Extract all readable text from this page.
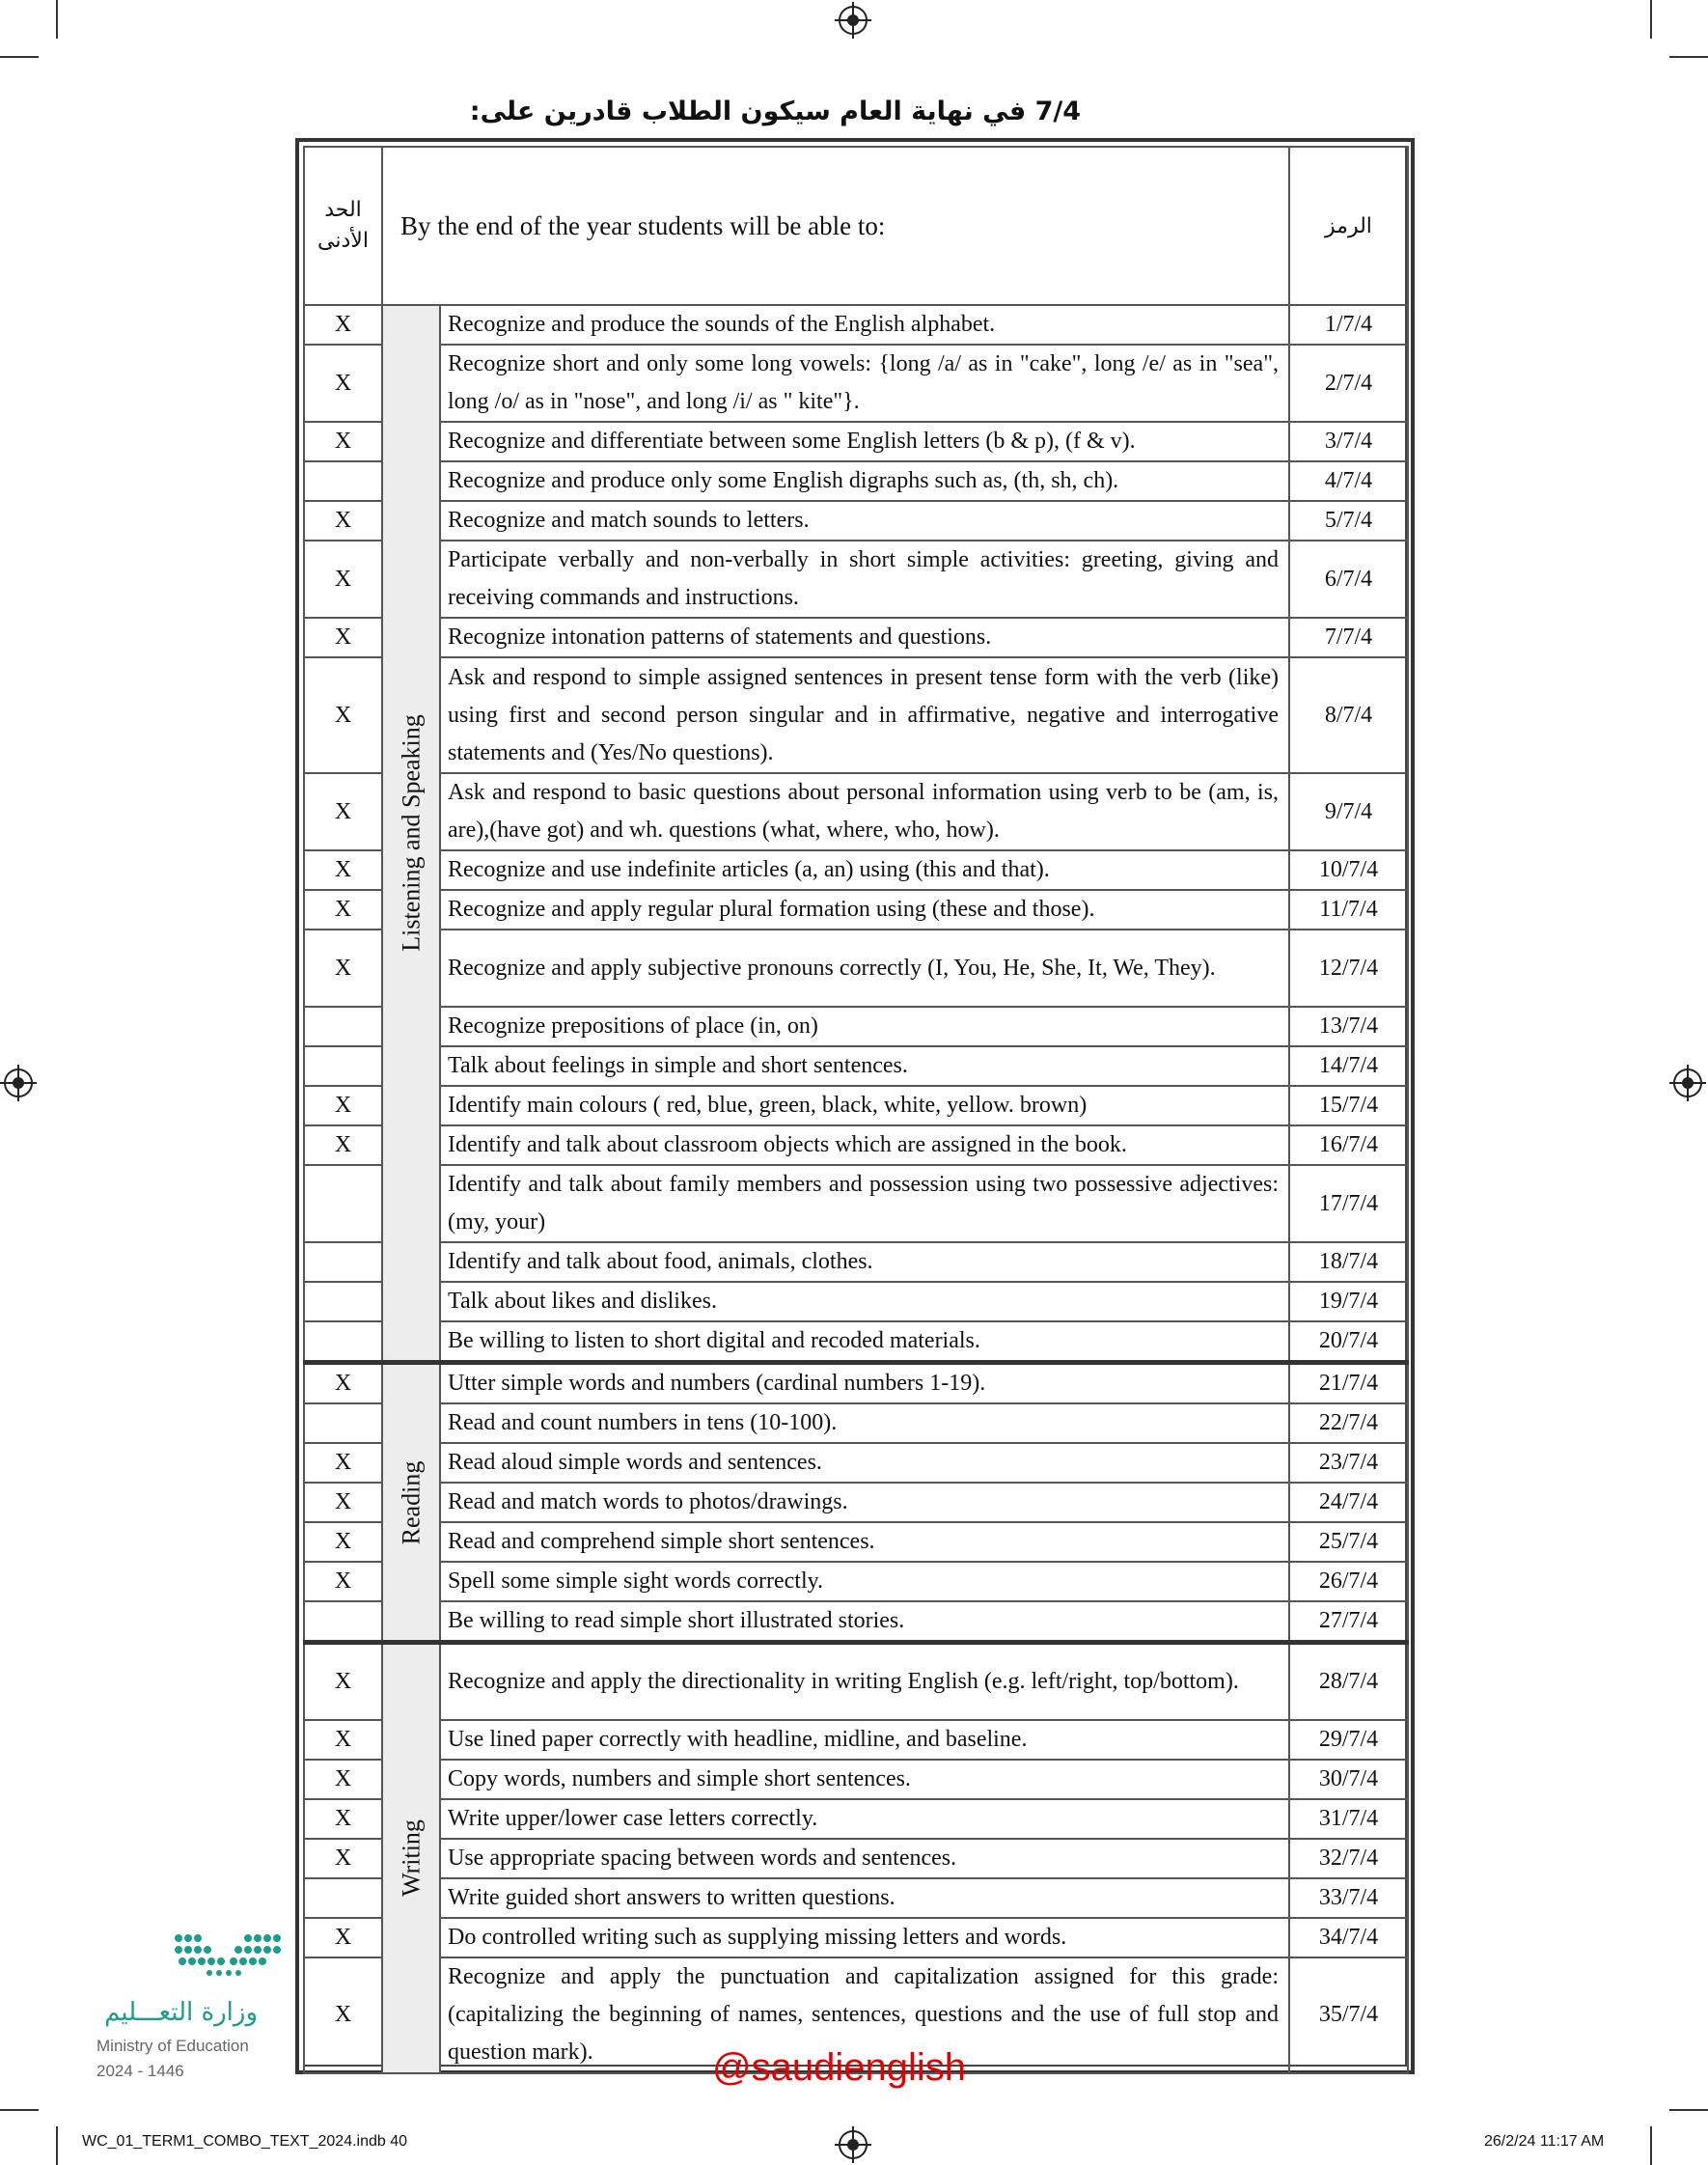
7/4 في نهاية العام سيكون الطلاب قادرين على:
الحد الأدنى	By the end of the year students will be able to:		الرمز
X	Listening and Speaking	Recognize and produce the sounds of the English alphabet.	1/7/4
X		Recognize short and only some long vowels: {long /a/ as in "cake", long /e/ as in "sea", long /o/ as in "nose", and long /i/ as " kite"}.	2/7/4
X		Recognize and differentiate between some English letters (b & p), (f & v).	3/7/4
		Recognize and produce only some English digraphs such as, (th, sh, ch).	4/7/4
X		Recognize and match sounds to letters.	5/7/4
X		Participate verbally and non-verbally in short simple activities: greeting, giving and receiving commands and instructions.	6/7/4
X		Recognize intonation patterns of statements and questions.	7/7/4
X		Ask and respond to simple assigned sentences in present tense form with the verb (like) using first and second person singular and in affirmative, negative and interrogative statements and (Yes/No questions).	8/7/4
X		Ask and respond to basic questions about personal information using verb to be (am, is, are),(have got) and wh. questions (what, where, who, how).	9/7/4
X		Recognize and use indefinite articles (a, an) using (this and that).	10/7/4
X		Recognize and apply regular plural formation using (these and those).	11/7/4
X		Recognize and apply subjective pronouns correctly (I, You, He, She, It, We, They).	12/7/4
		Recognize prepositions of place (in, on)	13/7/4
		Talk about feelings in simple and short sentences.	14/7/4
X		Identify main colours ( red, blue, green, black, white, yellow. brown)	15/7/4
X		Identify and talk about classroom objects which are assigned in the book.	16/7/4
		Identify and talk about family members and possession using two possessive adjectives: (my, your)	17/7/4
		Identify and talk about food, animals, clothes.	18/7/4
		Talk about likes and dislikes.	19/7/4
		Be willing to listen to short digital and recoded materials.	20/7/4
X	Reading	Utter simple words and numbers (cardinal numbers 1-19).	21/7/4
		Read and count numbers in tens (10-100).	22/7/4
X		Read aloud simple words and sentences.	23/7/4
X		Read and match words to photos/drawings.	24/7/4
X		Read and comprehend simple short sentences.	25/7/4
X		Spell some simple sight words correctly.	26/7/4
		Be willing to read simple short illustrated stories.	27/7/4
X	Writing	Recognize and apply the directionality in writing English (e.g. left/right, top/bottom).	28/7/4
X		Use lined paper correctly with headline, midline, and baseline.	29/7/4
X		Copy words, numbers and simple short sentences.	30/7/4
X		Write upper/lower case letters correctly.	31/7/4
X		Use appropriate spacing between words and sentences.	32/7/4
		Write guided short answers to written questions.	33/7/4
X		Do controlled writing such as supplying missing letters and words.	34/7/4
X		Recognize and apply the punctuation and capitalization assigned for this grade: (capitalizing the beginning of names, sentences, questions and the use of full stop and question mark).	35/7/4
@saudienglish
وزارة التعـــليم
Ministry of Education
2024 - 1446
WC_01_TERM1_COMBO_TEXT_2024.indb 40	26/2/24 11:17 AM
